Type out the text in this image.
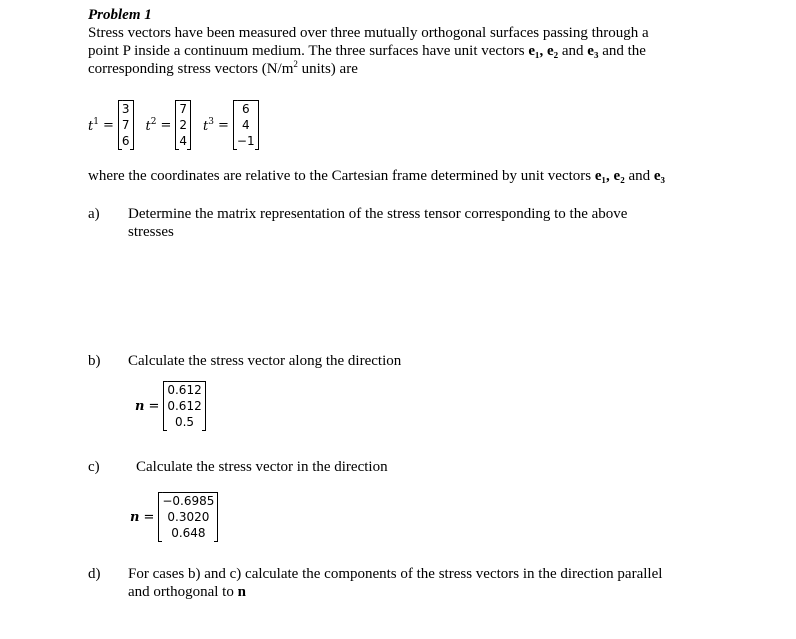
Problem 1
Stress vectors have been measured over three mutually orthogonal surfaces passing through a
point P inside a continuum medium. The three surfaces have unit vectors e₁, e₂ and e₃ and the
corresponding stress vectors ($N/m^2$ units) are
$t^1$ =
3
7
6
$t^2$ =
7
2
4
$t^3$ =
6
4
−1
where the coordinates are relative to the Cartesian frame determined by unit vectors e₁, e₂ and e₃
a) Determine the matrix representation of the stress tensor corresponding to the above
stresses
b) Calculate the stress vector along the direction
n =
0.612
0.612
0.5
c) Calculate the stress vector in the direction
n =
−0.6985
0.3020
0.648
d) For cases b) and c) calculate the components of the stress vectors in the direction parallel
and orthogonal to n
